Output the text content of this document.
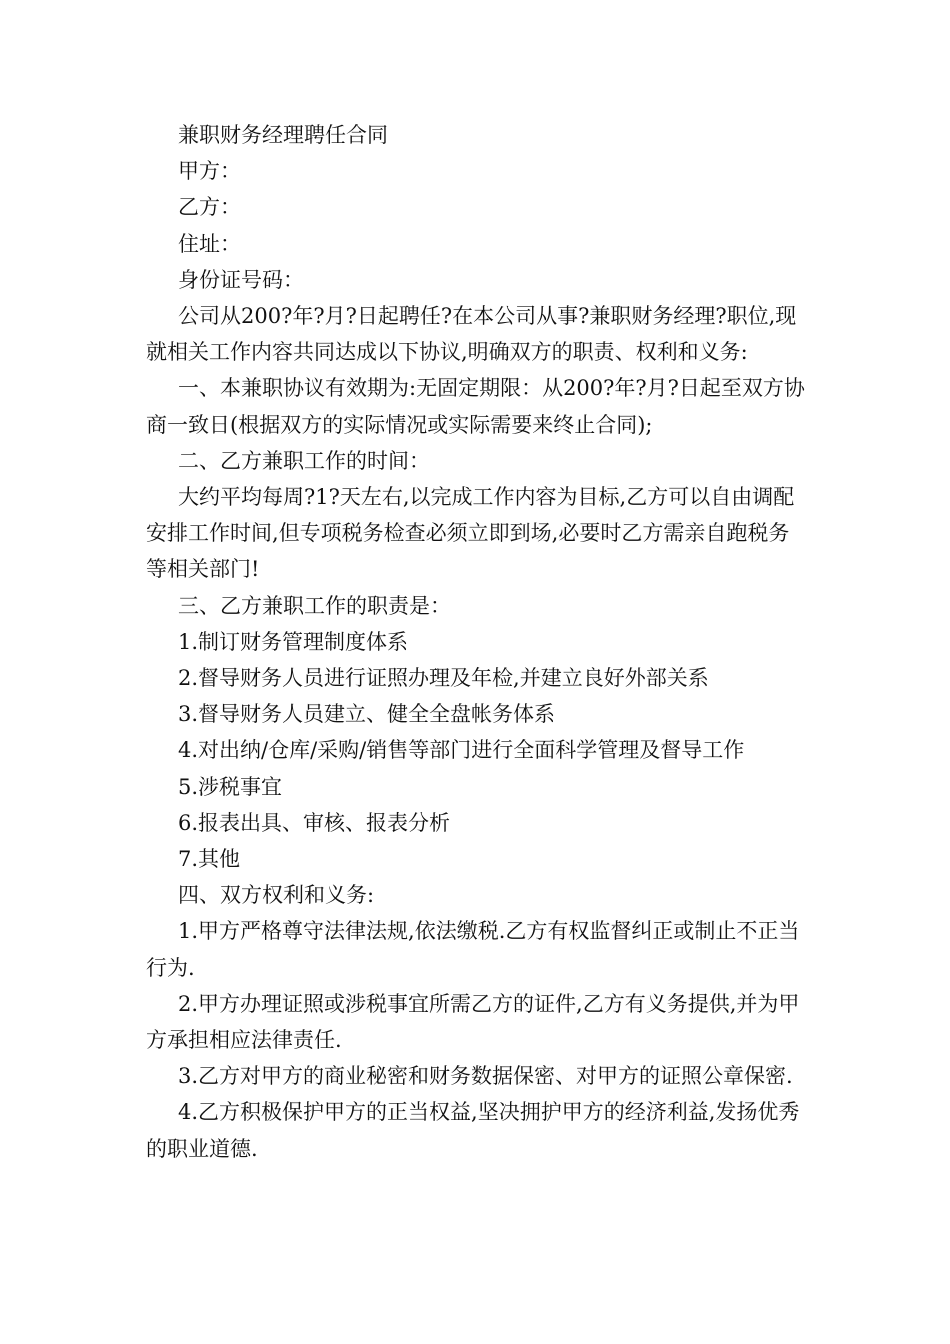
兼职财务经理聘任合同

甲方：

乙方：

住址：

身份证号码：

公司从200?年?月?日起聘任?在本公司从事?兼职财务经理?职位,现就相关工作内容共同达成以下协议,明确双方的职责、权利和义务:

一、本兼职协议有效期为:无固定期限：从200?年?月?日起至双方协商一致日(根据双方的实际情况或实际需要来终止合同);

二、乙方兼职工作的时间：

大约平均每周?1?天左右,以完成工作内容为目标,乙方可以自由调配安排工作时间,但专项税务检查必须立即到场,必要时乙方需亲自跑税务等相关部门!

三、乙方兼职工作的职责是：

1.制订财务管理制度体系

2.督导财务人员进行证照办理及年检,并建立良好外部关系

3.督导财务人员建立、健全全盘帐务体系

4.对出纳/仓库/采购/销售等部门进行全面科学管理及督导工作

5.涉税事宜

6.报表出具、审核、报表分析

7.其他

四、双方权利和义务:

1.甲方严格尊守法律法规,依法缴税.乙方有权监督纠正或制止不正当行为.

2.甲方办理证照或涉税事宜所需乙方的证件,乙方有义务提供,并为甲方承担相应法律责任.

3.乙方对甲方的商业秘密和财务数据保密、对甲方的证照公章保密.

4.乙方积极保护甲方的正当权益,坚决拥护甲方的经济利益,发扬优秀的职业道德.
